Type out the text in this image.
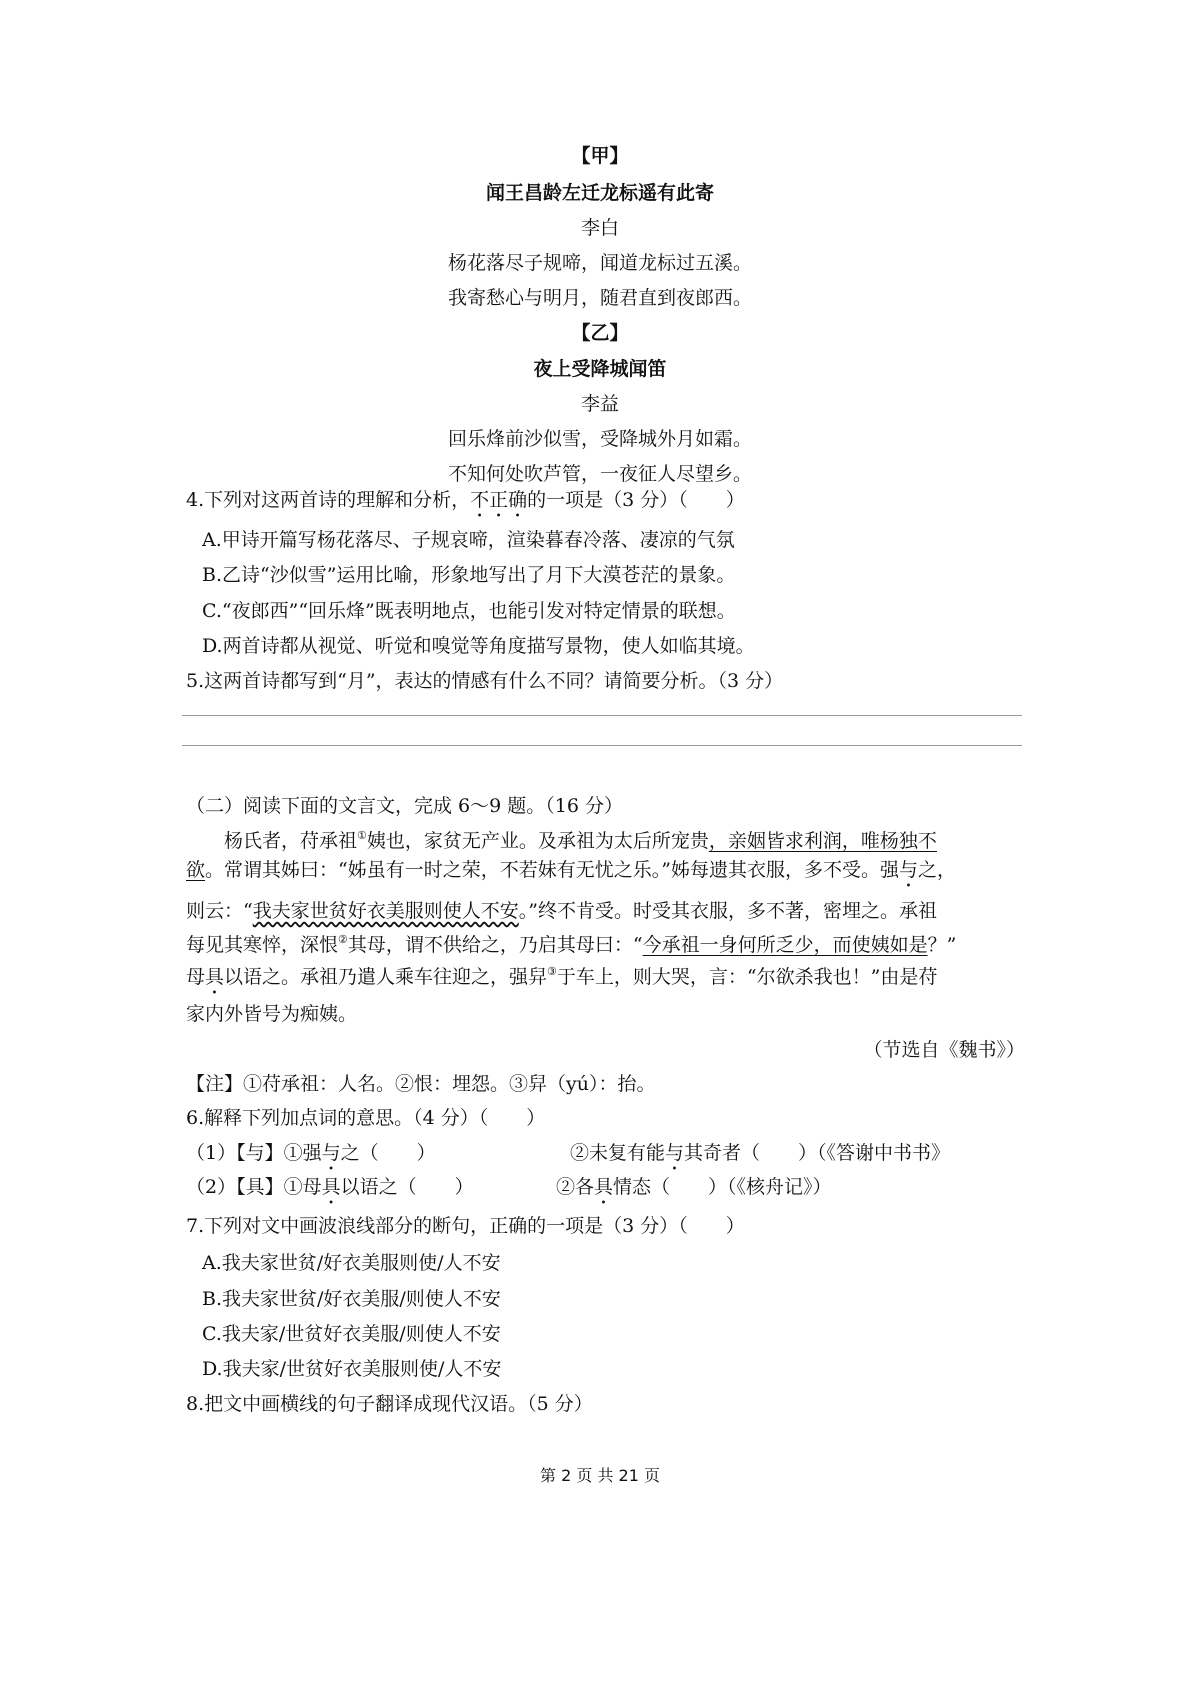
【甲】
闻王昌龄左迁龙标遥有此寄
李白
杨花落尽子规啼，闻道龙标过五溪。
我寄愁心与明月，随君直到夜郎西。
【乙】
夜上受降城闻笛
李益
回乐烽前沙似雪，受降城外月如霜。
不知何处吹芦管，一夜征人尽望乡。
4.下列对这两首诗的理解和分析，不正确的一项是（3 分）（　　）
A.甲诗开篇写杨花落尽、子规哀啼，渲染暮春冷落、凄凉的气氛
B.乙诗“沙似雪”运用比喻，形象地写出了月下大漠苍茫的景象。
C.“夜郎西”“回乐烽”既表明地点，也能引发对特定情景的联想。
D.两首诗都从视觉、听觉和嗅觉等角度描写景物，使人如临其境。
5.这两首诗都写到“月”，表达的情感有什么不同？请简要分析。（3 分）
（二）阅读下面的文言文，完成 6～9 题。（16 分）
杨氏者，苻承祖①姨也，家贫无产业。及承祖为太后所宠贵，亲姻皆求利润，唯杨独不
欲。常谓其姊曰：“姊虽有一时之荣，不若妹有无忧之乐。”姊每遗其衣服，多不受。强与之，
则云：“我夫家世贫好衣美服则使人不安。”终不肯受。时受其衣服，多不著，密埋之。承祖
每见其寒悴，深恨②其母，谓不供给之，乃启其母曰：“今承祖一身何所乏少，而使姨如是？”
母具以语之。承祖乃遣人乘车往迎之，强舁③于车上，则大哭，言：“尔欲杀我也！”由是苻
家内外皆号为痴姨。
（节选自《魏书》）
【注】①苻承祖：人名。②恨：埋怨。③舁（yú）：抬。
6.解释下列加点词的意思。（4 分）（　　）
（1）【与】①强与之（　　）	②未复有能与其奇者（　　）（《答谢中书书》
（2）【具】①母具以语之（　　）	②各具情态（　　）（《核舟记》）
7.下列对文中画波浪线部分的断句，正确的一项是（3 分）（　　）
A.我夫家世贫/好衣美服则使/人不安
B.我夫家世贫/好衣美服/则使人不安
C.我夫家/世贫好衣美服/则使人不安
D.我夫家/世贫好衣美服则使/人不安
8.把文中画横线的句子翻译成现代汉语。（5 分）
第 2 页 共 21 页
